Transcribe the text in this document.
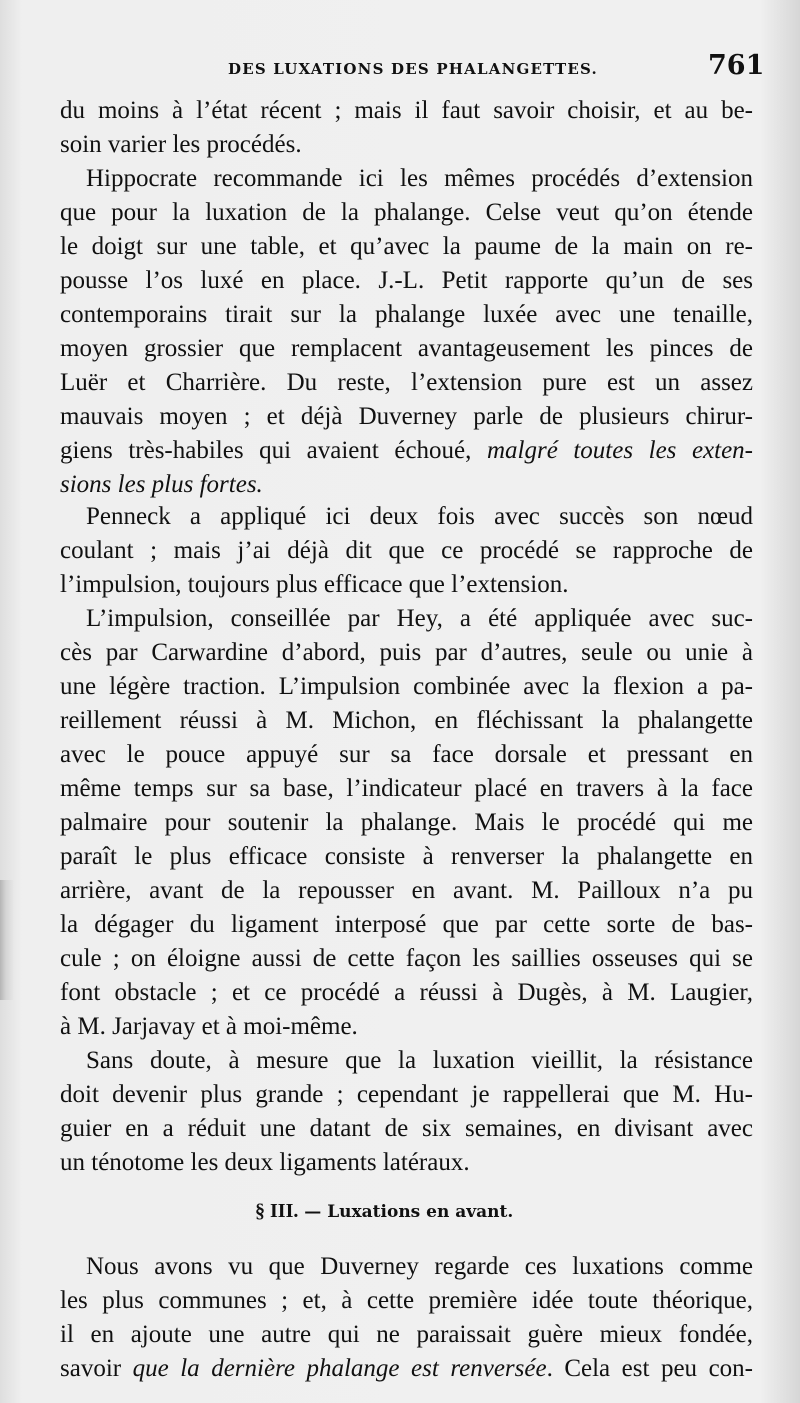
DES LUXATIONS DES PHALANGETTES.	761
du moins à l’état récent ; mais il faut savoir choisir, et au be-
soin varier les procédés.
Hippocrate recommande ici les mêmes procédés d’extension
que pour la luxation de la phalange. Celse veut qu’on étende
le doigt sur une table, et qu’avec la paume de la main on re-
pousse l’os luxé en place. J.-L. Petit rapporte qu’un de ses
contemporains tirait sur la phalange luxée avec une tenaille,
moyen grossier que remplacent avantageusement les pinces de
Luër et Charrière. Du reste, l’extension pure est un assez
mauvais moyen ; et déjà Duverney parle de plusieurs chirur-
giens très-habiles qui avaient échoué, malgré toutes les exten-
sions les plus fortes.
Penneck a appliqué ici deux fois avec succès son nœud
coulant ; mais j’ai déjà dit que ce procédé se rapproche de
l’impulsion, toujours plus efficace que l’extension.
L’impulsion, conseillée par Hey, a été appliquée avec suc-
cès par Carwardine d’abord, puis par d’autres, seule ou unie à
une légère traction. L’impulsion combinée avec la flexion a pa-
reillement réussi à M. Michon, en fléchissant la phalangette
avec le pouce appuyé sur sa face dorsale et pressant en
même temps sur sa base, l’indicateur placé en travers à la face
palmaire pour soutenir la phalange. Mais le procédé qui me
paraît le plus efficace consiste à renverser la phalangette en
arrière, avant de la repousser en avant. M. Pailloux n’a pu
la dégager du ligament interposé que par cette sorte de bas-
cule ; on éloigne aussi de cette façon les saillies osseuses qui se
font obstacle ; et ce procédé a réussi à Dugès, à M. Laugier,
à M. Jarjavay et à moi-même.
Sans doute, à mesure que la luxation vieillit, la résistance
doit devenir plus grande ; cependant je rappellerai que M. Hu-
guier en a réduit une datant de six semaines, en divisant avec
un ténotome les deux ligaments latéraux.
§ III. — Luxations en avant.
Nous avons vu que Duverney regarde ces luxations comme
les plus communes ; et, à cette première idée toute théorique,
il en ajoute une autre qui ne paraissait guère mieux fondée,
savoir que la dernière phalange est renversée. Cela est peu con-
